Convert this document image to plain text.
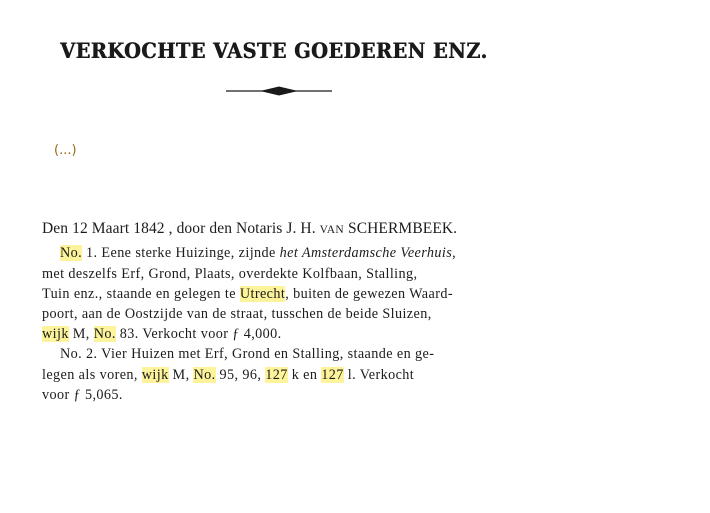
VERKOCHTE VASTE GOEDEREN ENZ.
(...)
Den 12 Maart 1842 , door den Notaris J. H. VAN SCHERMBEEK.
No. 1. Eene sterke Huizinge, zijnde het Amsterdamsche Veerhuis,
met deszelfs Erf, Grond, Plaats, overdekte Kolfbaan, Stalling,
Tuin enz., staande en gelegen te Utrecht, buiten de gewezen Waard-
poort, aan de Oostzijde van de straat, tusschen de beide Sluizen,
wijk M, No. 83. Verkocht voor ƒ 4,000.
No. 2. Vier Huizen met Erf, Grond en Stalling, staande en ge-
legen als voren, wijk M, No. 95, 96, 127 k en 127 l. Verkocht
voor ƒ 5,065.
